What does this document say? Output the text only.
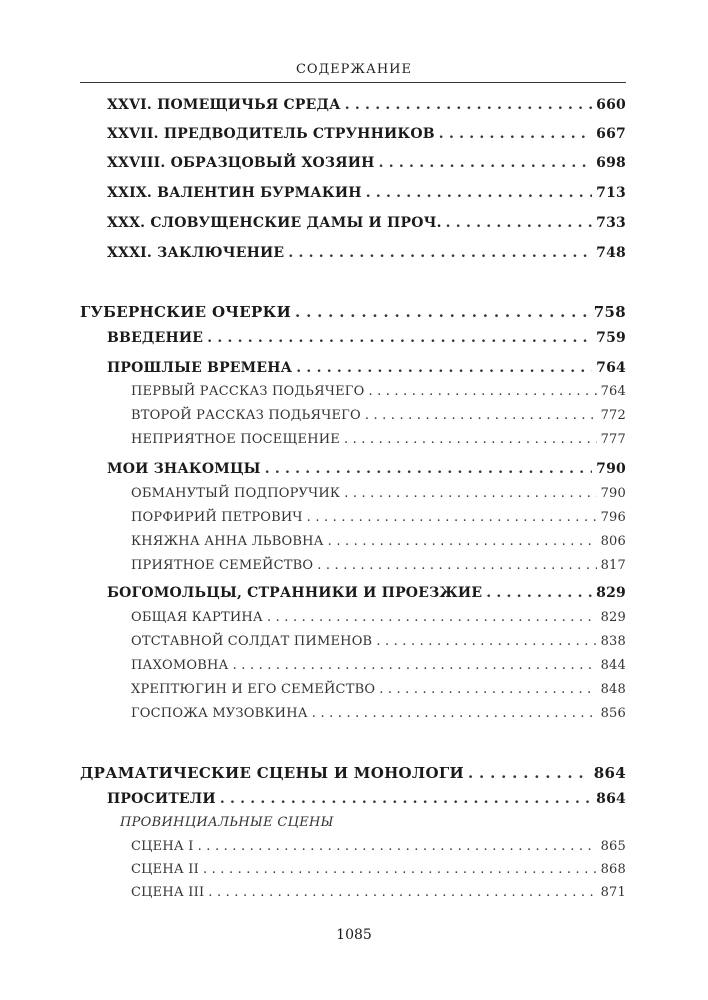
СОДЕРЖАНИЕ
XXVI. ПОМЕЩИЧЬЯ СРЕДА . . .	660
XXVII. ПРЕДВОДИТЕЛЬ СТРУННИКОВ . . .	667
XXVIII. ОБРАЗЦОВЫЙ ХОЗЯИН . . .	698
XXIX. ВАЛЕНТИН БУРМАКИН . . .	713
XXX. СЛОВУЩЕНСКИЕ ДАМЫ И ПРОЧ. . . .	733
XXXI. ЗАКЛЮЧЕНИЕ . . .	748
ГУБЕРНСКИЕ ОЧЕРКИ . . .	758
ВВЕДЕНИЕ . . .	759
ПРОШЛЫЕ ВРЕМЕНА . . .	764
ПЕРВЫЙ РАССКАЗ ПОДЬЯЧЕГО . . .	764
ВТОРОЙ РАССКАЗ ПОДЬЯЧЕГО . . .	772
НЕПРИЯТНОЕ ПОСЕЩЕНИЕ . . .	777
МОИ ЗНАКОМЦЫ . . .	790
ОБМАНУТЫЙ ПОДПОРУЧИК . . .	790
ПОРФИРИЙ ПЕТРОВИЧ . . .	796
КНЯЖНА АННА ЛЬВОВНА . . .	806
ПРИЯТНОЕ СЕМЕЙСТВО . . .	817
БОГОМОЛЬЦЫ, СТРАННИКИ И ПРОЕЗЖИЕ . . .	829
ОБЩАЯ КАРТИНА . . .	829
ОТСТАВНОЙ СОЛДАТ ПИМЕНОВ . . .	838
ПАХОМОВНА . . .	844
ХРЕПТЮГИН И ЕГО СЕМЕЙСТВО . . .	848
ГОСПОЖА МУЗОВКИНА . . .	856
ДРАМАТИЧЕСКИЕ СЦЕНЫ И МОНОЛОГИ . . .	864
ПРОСИТЕЛИ . . .	864
ПРОВИНЦИАЛЬНЫЕ СЦЕНЫ
СЦЕНА I . . .	865
СЦЕНА II . . .	868
СЦЕНА III . . .	871
1085
